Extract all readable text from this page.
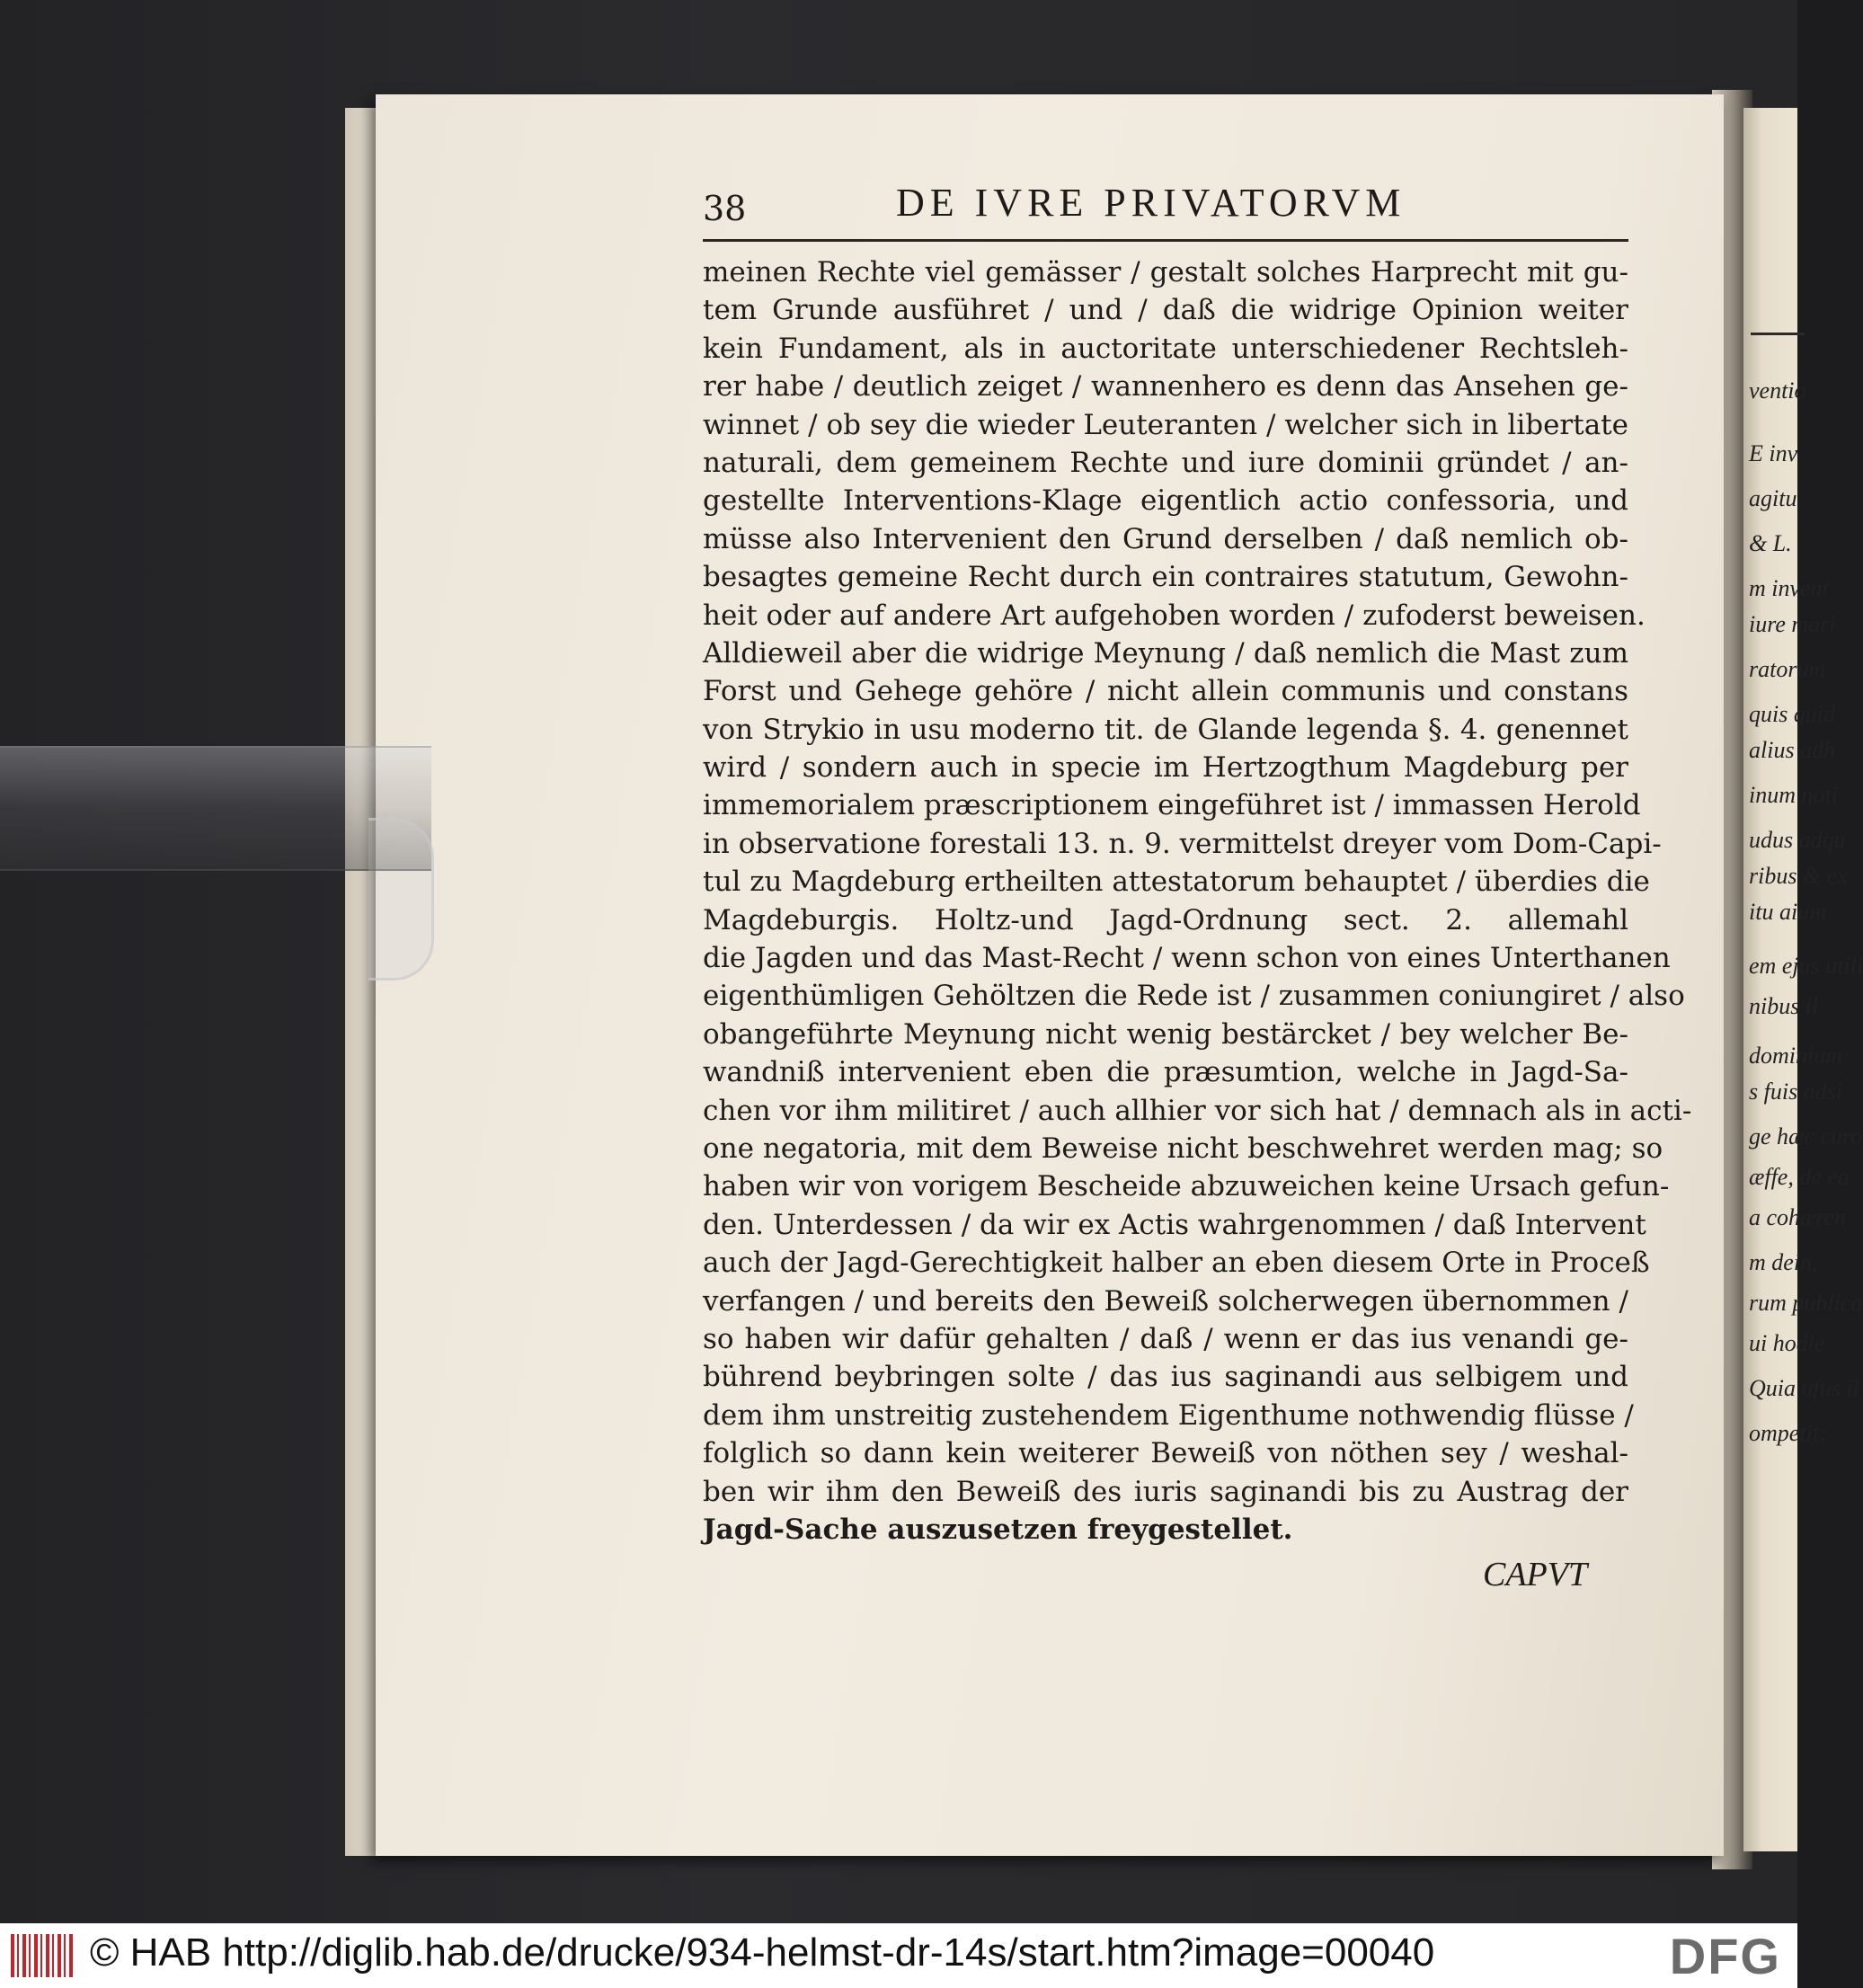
ventio
E inv
agitu
& L.
m invent
iure mari
ratorum
quis quid
alius adh
inum noti
udus adqu
ribus & ex
itu aiunt
em ejus utili
nibus il
dominium
s fuis adsi
ge hæc curo
æffe, de ea
a cohæren
m dein,
rum publica
ui hodie
Quia ufus il
ompetit;
38	DE IVRE PRIVATORVM
meinen Rechte viel gemässer / gestalt solches Harprecht mit gu-
tem Grunde ausführet / und / daß die widrige Opinion weiter
kein Fundament, als in auctoritate unterschiedener Rechtsleh-
rer habe / deutlich zeiget / wannenhero es denn das Ansehen ge-
winnet / ob sey die wieder Leuteranten / welcher sich in libertate
naturali, dem gemeinem Rechte und iure dominii gründet / an-
gestellte Interventions-Klage eigentlich actio confessoria, und
müsse also Intervenient den Grund derselben / daß nemlich ob-
besagtes gemeine Recht durch ein contraires statutum, Gewohn-
heit oder auf andere Art aufgehoben worden / zufoderst beweisen.
Alldieweil aber die widrige Meynung / daß nemlich die Mast zum
Forst und Gehege gehöre / nicht allein communis und constans
von Strykio in usu moderno tit. de Glande legenda §. 4. genennet
wird / sondern auch in specie im Hertzogthum Magdeburg per
immemorialem præscriptionem eingeführet ist / immassen Herold
in observatione forestali 13. n. 9. vermittelst dreyer vom Dom-Capi-
tul zu Magdeburg ertheilten attestatorum behauptet / überdies die
Magdeburgis. Holtz-und Jagd-Ordnung sect. 2. allemahl
die Jagden und das Mast-Recht / wenn schon von eines Unterthanen
eigenthümligen Gehöltzen die Rede ist / zusammen coniungiret / also
obangeführte Meynung nicht wenig bestärcket / bey welcher Be-
wandniß intervenient eben die præsumtion, welche in Jagd-Sa-
chen vor ihm militiret / auch allhier vor sich hat / demnach als in acti-
one negatoria, mit dem Beweise nicht beschwehret werden mag; so
haben wir von vorigem Bescheide abzuweichen keine Ursach gefun-
den. Unterdessen / da wir ex Actis wahrgenommen / daß Intervent
auch der Jagd-Gerechtigkeit halber an eben diesem Orte in Proceß
verfangen / und bereits den Beweiß solcherwegen übernommen /
so haben wir dafür gehalten / daß / wenn er das ius venandi ge-
bührend beybringen solte / das ius saginandi aus selbigem und
dem ihm unstreitig zustehendem Eigenthume nothwendig flüsse /
folglich so dann kein weiterer Beweiß von nöthen sey / weshal-
ben wir ihm den Beweiß des iuris saginandi bis zu Austrag der
Jagd-Sache auszusetzen freygestellet.
CAPVT
© HAB http://diglib.hab.de/drucke/934-helmst-dr-14s/start.htm?image=00040	DFG
